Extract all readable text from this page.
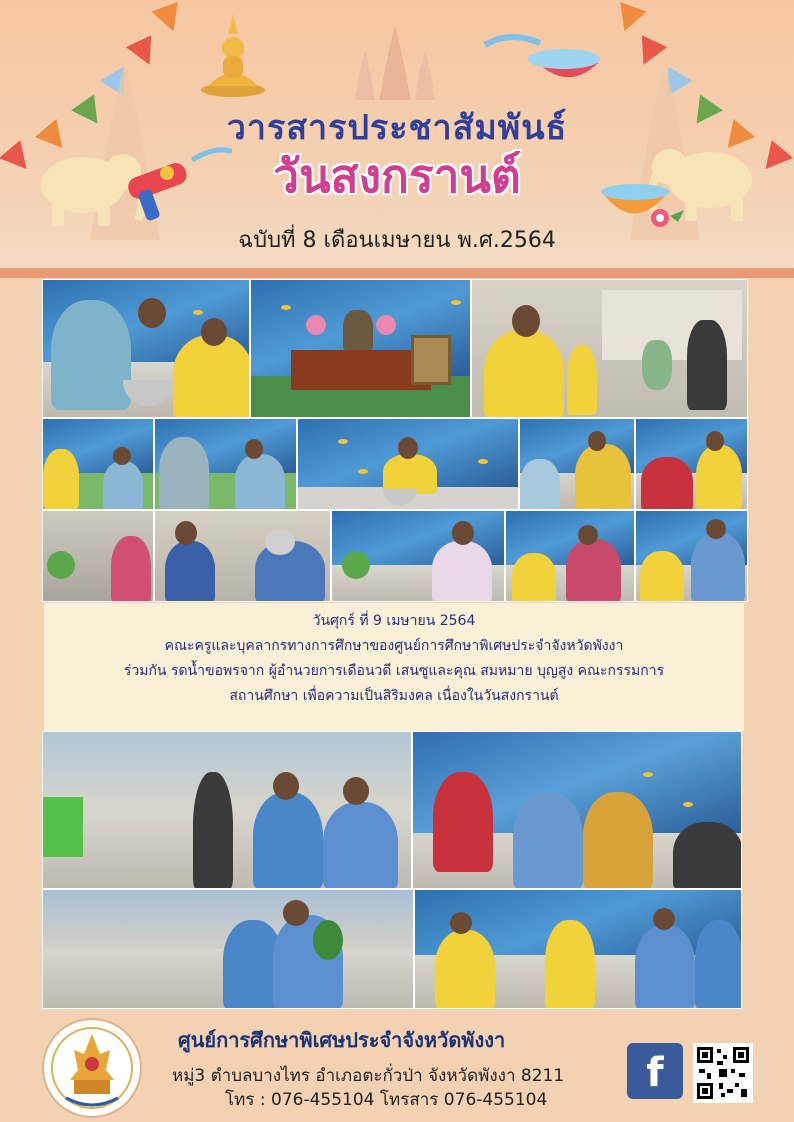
วารสารประชาสัมพันธ์
วันสงกรานต์
ฉบับที่ 8 เดือนเมษายน พ.ศ.2564
วันศุกร์ ที่ 9 เมษายน 2564
คณะครูและบุคลากรทางการศึกษาของศูนย์การศึกษาพิเศษประจำจังหวัดพังงา
ร่วมกัน รดน้ำขอพรจาก ผู้อำนวยการเดือนวดี เสนซูและคุณ สมหมาย บุญสูง คณะกรรมการ
สถานศึกษา เพื่อความเป็นสิริมงคล เนื่องในวันสงกรานต์
ศูนย์การศึกษาพิเศษประจำจังหวัดพังงา
หมู่3 ตำบลบางไทร อำเภอตะกั่วป่า จังหวัดพังงา 8211
โทร : 076-455104 โทรสาร 076-455104
f
